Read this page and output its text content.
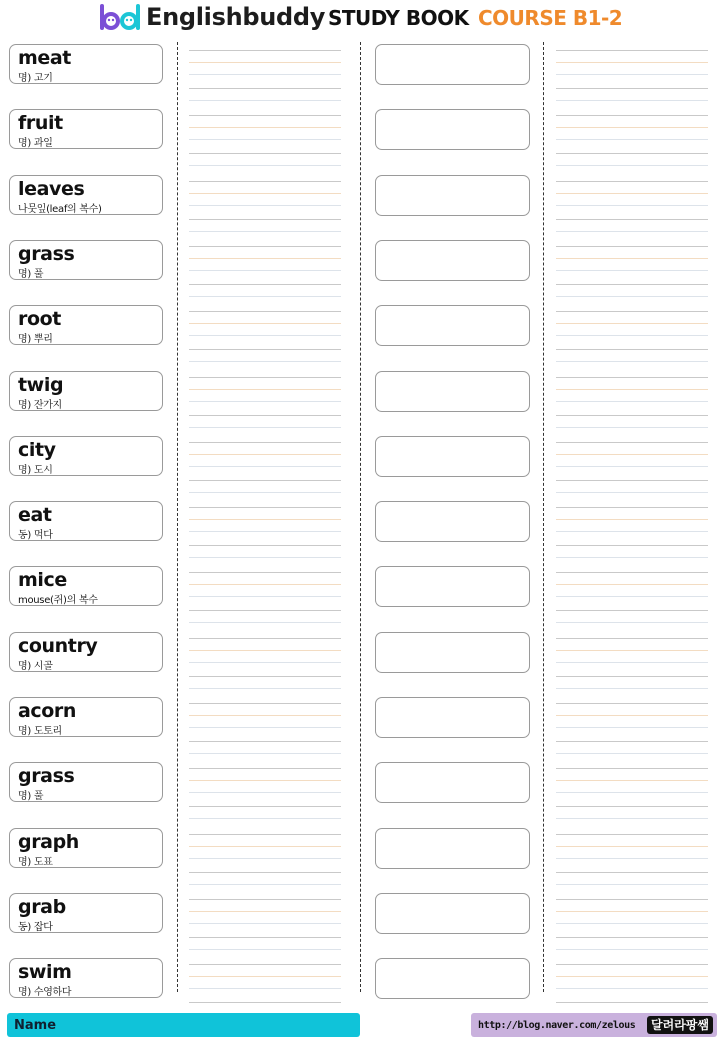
Englishbuddy STUDY BOOK COURSE B1-2
meat
명) 고기
fruit
명) 과일
leaves
나뭇잎(leaf의 복수)
grass
명) 풀
root
명) 뿌리
twig
명) 잔가지
city
명) 도시
eat
동) 먹다
mice
mouse(쥐)의 복수
country
명) 시골
acorn
명) 도토리
grass
명) 풀
graph
명) 도표
grab
동) 잡다
swim
명) 수영하다
Name	http://blog.naver.com/zelous	달려라팡쌤
